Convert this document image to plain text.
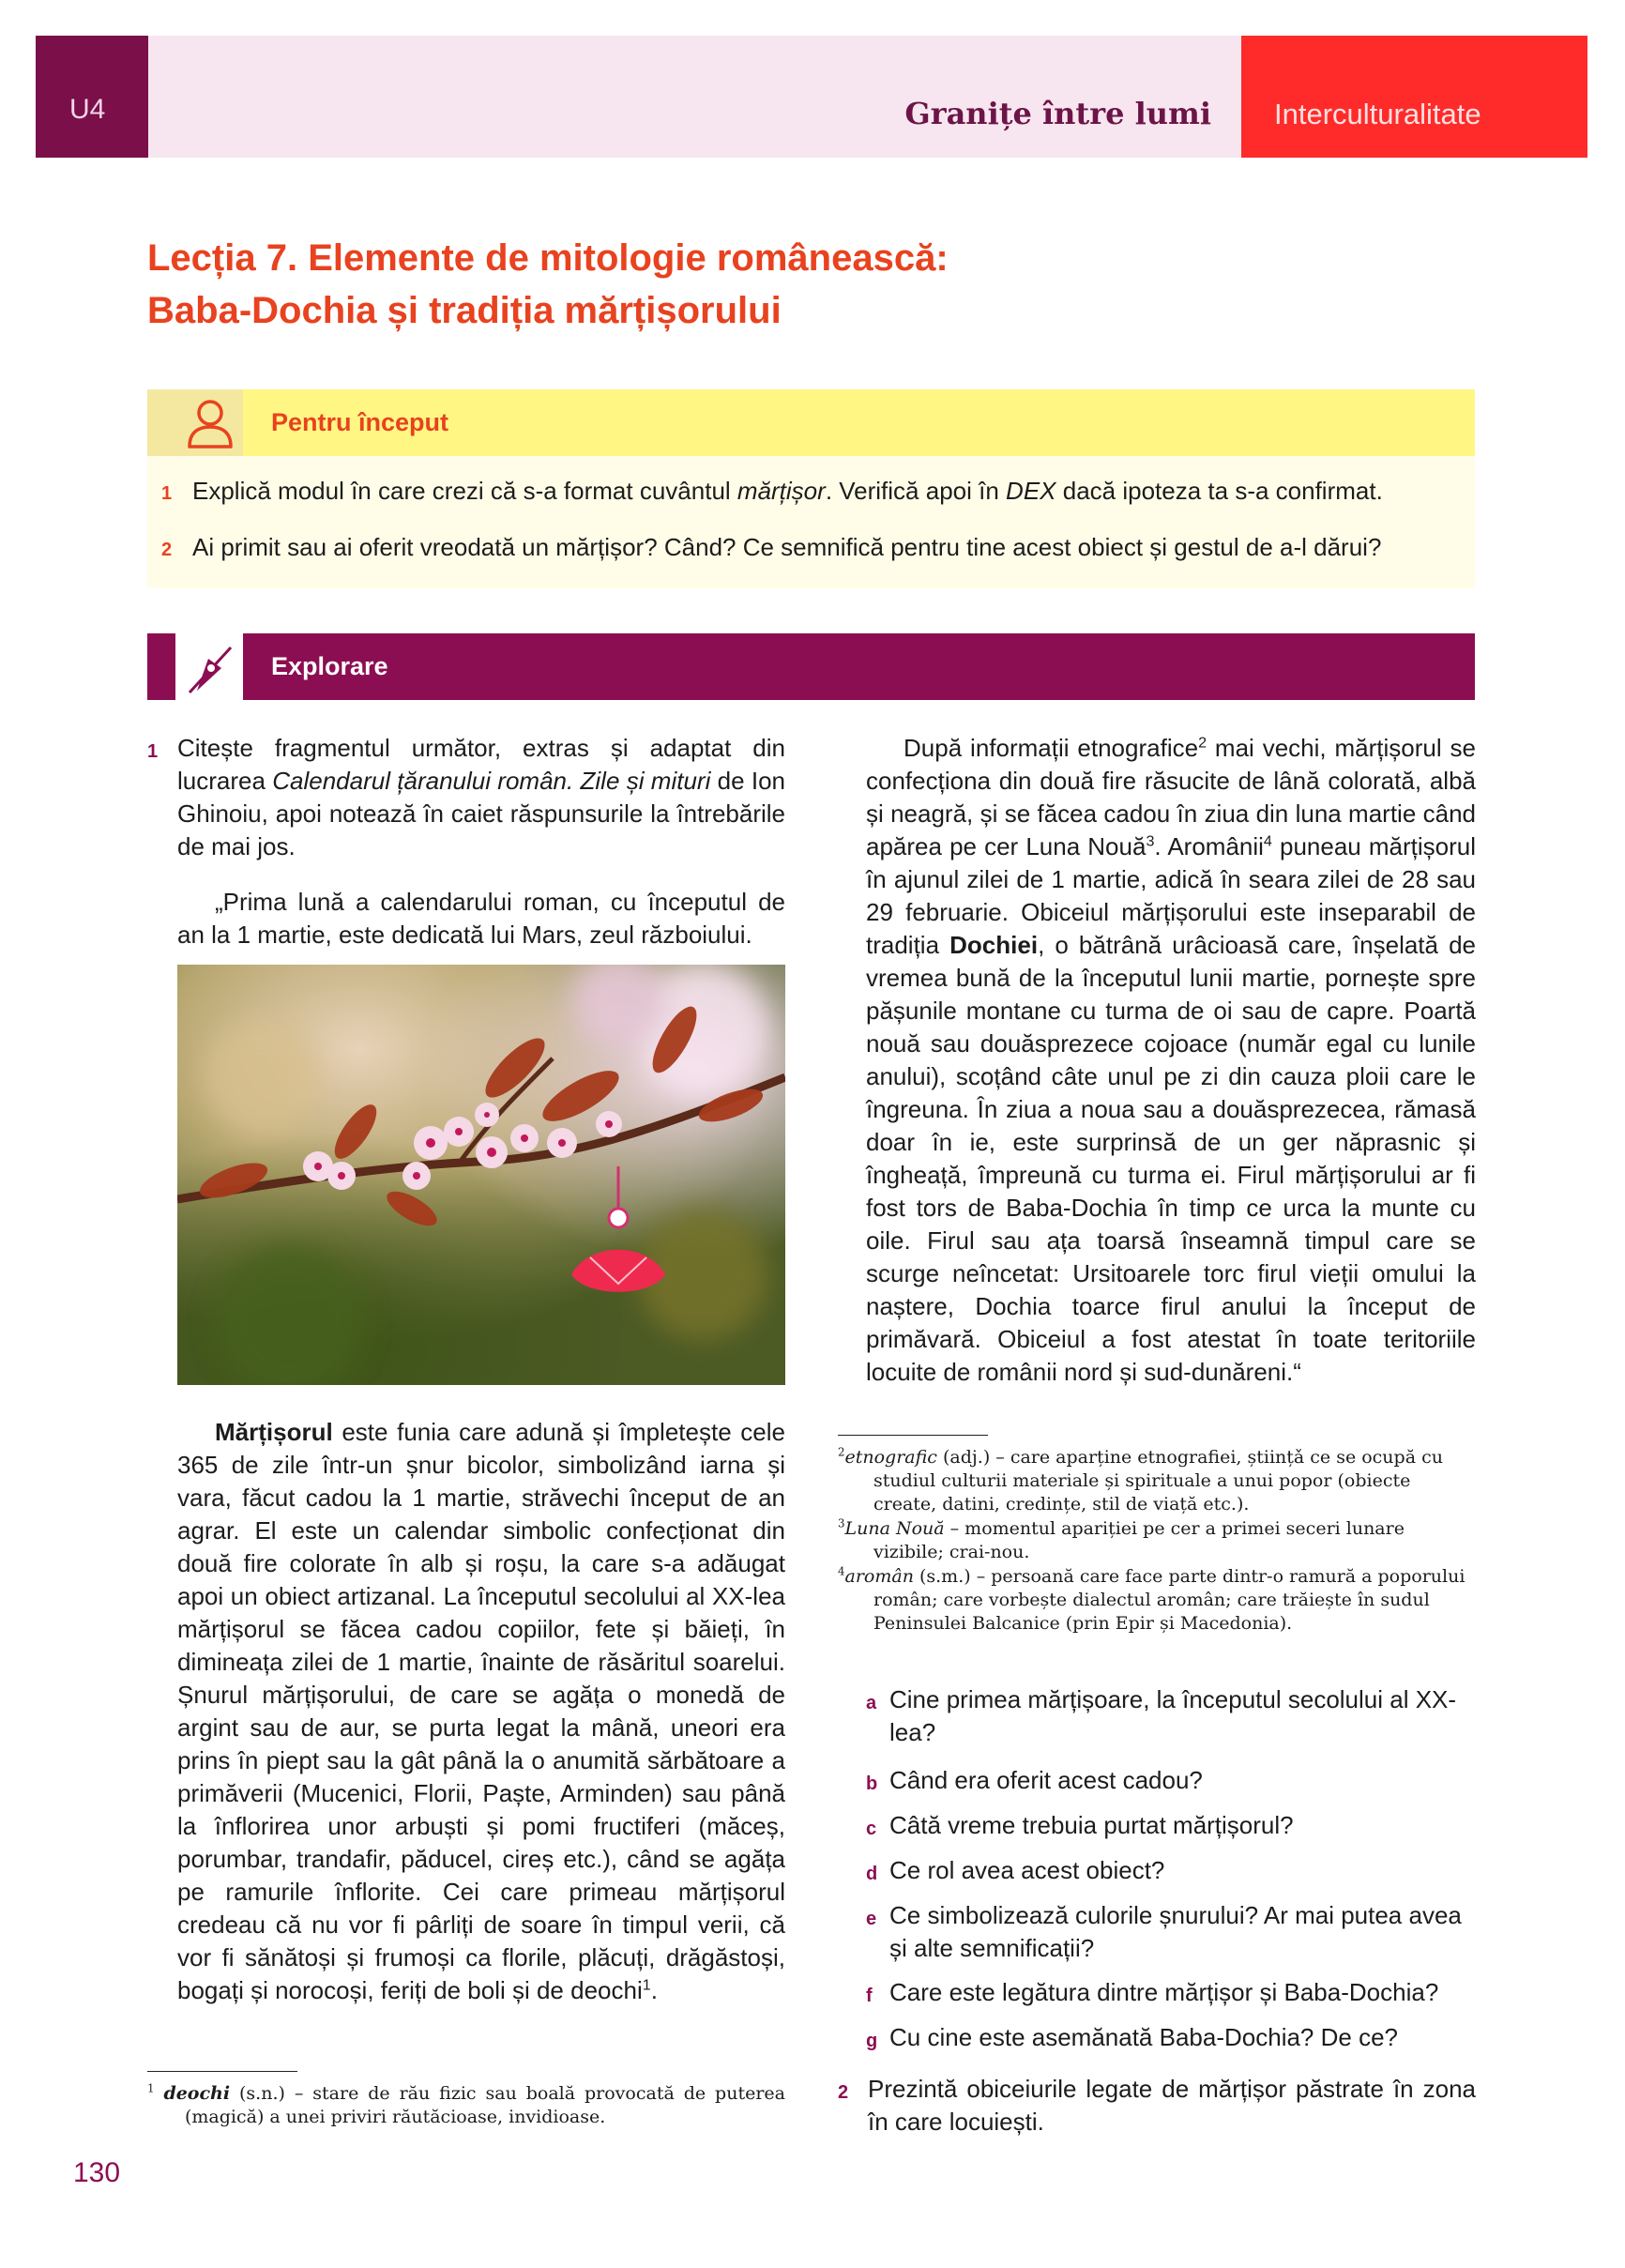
U4	Granițe între lumi Interculturalitate
Lecția 7. Elemente de mitologie românească:
Baba-Dochia și tradiția mărțișorului
Pentru început
1 Explică modul în care crezi că s-a format cuvântul mărțișor. Verifică apoi în DEX dacă ipoteza ta s-a confirmat.
2 Ai primit sau ai oferit vreodată un mărțișor? Când? Ce semnifică pentru tine acest obiect și gestul de a-l dărui?
Explorare
1 Citește fragmentul următor, extras și adaptat din lucrarea Calendarul țăranului român. Zile și mituri de Ion Ghinoiu, apoi notează în caiet răspunsurile la întrebările de mai jos.

„Prima lună a calendarului roman, cu începutul de an la 1 martie, este dedicată lui Mars, zeul războiului.

Mărțișorul este funia care adună și împletește cele 365 de zile într-un șnur bicolor, simbolizând iarna și vara, făcut cadou la 1 martie, străvechi început de an agrar. El este un calendar simbolic confecționat din două fire colorate în alb și roșu, la care s-a adăugat apoi un obiect artizanal. La începutul secolului al XX-lea mărțișorul se făcea cadou copiilor, fete și băieți, în dimineața zilei de 1 martie, înainte de răsăritul soarelui. Șnurul mărțișorului, de care se agăța o monedă de argint sau de aur, se purta legat la mână, uneori era prins în piept sau la gât până la o anumită sărbătoare a primăverii (Mucenici, Florii, Paște, Arminden) sau până la înflorirea unor arbuști și pomi fructiferi (măceș, porumbar, trandafir, păducel, cireș etc.), când se agăța pe ramurile înflorite. Cei care primeau mărțișorul credeau că nu vor fi pârliți de soare în timpul verii, că vor fi sănătoși și frumoși ca florile, plăcuți, drăgăstoși, bogați și norocoși, feriți de boli și de deochi$^1$.

$^1$ deochi (s.n.) – stare de rău fizic sau boală provocată de puterea (magică) a unei priviri răutăcioase, invidioase.

După informații etnografice$^2$ mai vechi, mărțișorul se confecționa din două fire răsucite de lână colorată, albă și neagră, și se făcea cadou în ziua din luna martie când apărea pe cer Luna Nouă$^3$. Aromânii$^4$ puneau mărțișorul în ajunul zilei de 1 martie, adică în seara zilei de 28 sau 29 februarie. Obiceiul mărțișorului este inseparabil de tradiția Dochiei, o bătrână urâcioasă care, înșelată de vremea bună de la începutul lunii martie, pornește spre pășunile montane cu turma de oi sau de capre. Poartă nouă sau douăsprezece cojoace (număr egal cu lunile anului), scoțând câte unul pe zi din cauza ploii care le îngreuna. În ziua a noua sau a douăsprezecea, rămasă doar în ie, este surprinsă de un ger năprasnic și îngheață, împreună cu turma ei. Firul mărțișorului ar fi fost tors de Baba-Dochia în timp ce urca la munte cu oile. Firul sau ața toarsă înseamnă timpul care se scurge neîncetat: Ursitoarele torc firul vieții omului la naștere, Dochia toarce firul anului la început de primăvară. Obiceiul a fost atestat în toate teritoriile locuite de românii nord și sud-dunăreni.“

$^2$etnografic (adj.) – care aparține etnografiei, științǎ ce se ocupă cu studiul culturii materiale și spirituale a unui popor (obiecte create, datini, credințe, stil de viață etc.).
$^3$Luna Nouă – momentul apariției pe cer a primei seceri lunare vizibile; crai-nou.
$^4$aromân (s.m.) – persoană care face parte dintr-o ramură a poporului român; care vorbește dialectul aromân; care trăiește în sudul Peninsulei Balcanice (prin Epir și Macedonia).
a Cine primea mărțișoare, la începutul secolului al XX-lea?
b Când era oferit acest cadou?
c Câtă vreme trebuia purtat mărțișorul?
d Ce rol avea acest obiect?
e Ce simbolizează culorile șnurului? Ar mai putea avea și alte semnificații?
f Care este legătura dintre mărțișor și Baba-Dochia?
g Cu cine este asemănată Baba-Dochia? De ce?
2 Prezintă obiceiurile legate de mărțișor păstrate în zona în care locuiești.

130
